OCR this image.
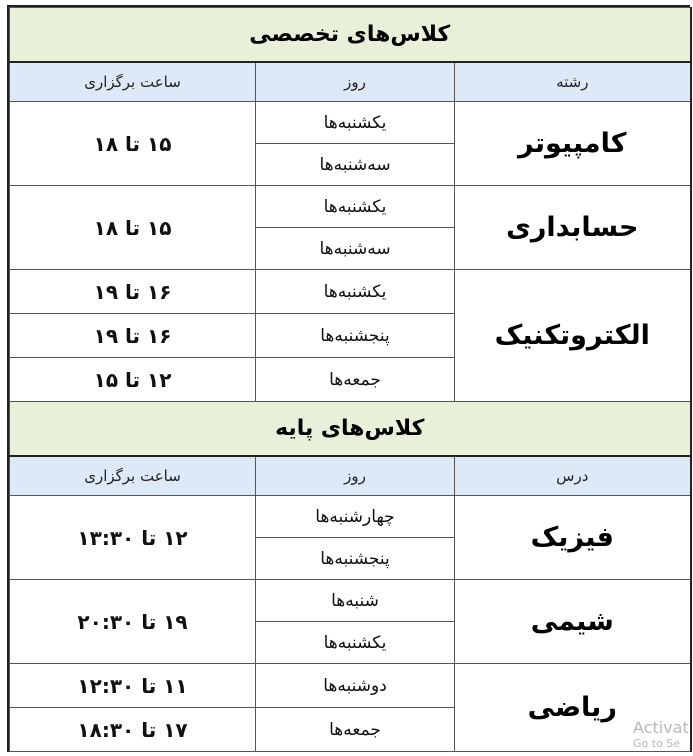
کلاس‌های تخصصی		
رشته	روز	ساعت برگزاری
کامپیوتر	یکشنبه‌ها	۱۵ تا ۱۸
	سه‌شنبه‌ها	
حسابداری	یکشنبه‌ها	۱۵ تا ۱۸
	سه‌شنبه‌ها	
الکتروتکنیک	یکشنبه‌ها	۱۶ تا ۱۹
	پنجشنبه‌ها	۱۶ تا ۱۹
	جمعه‌ها	۱۲ تا ۱۵
کلاس‌های پایه		
درس	روز	ساعت برگزاری
فیزیک	چهارشنبه‌ها	۱۲ تا ۱۳:۳۰
	پنجشنبه‌ها	
شیمی	شنبه‌ها	۱۹ تا ۲۰:۳۰
	یکشنبه‌ها	
ریاضی	دوشنبه‌ها	۱۱ تا ۱۲:۳۰
	جمعه‌ها	۱۷ تا ۱۸:۳۰	Activat
Go to Se
